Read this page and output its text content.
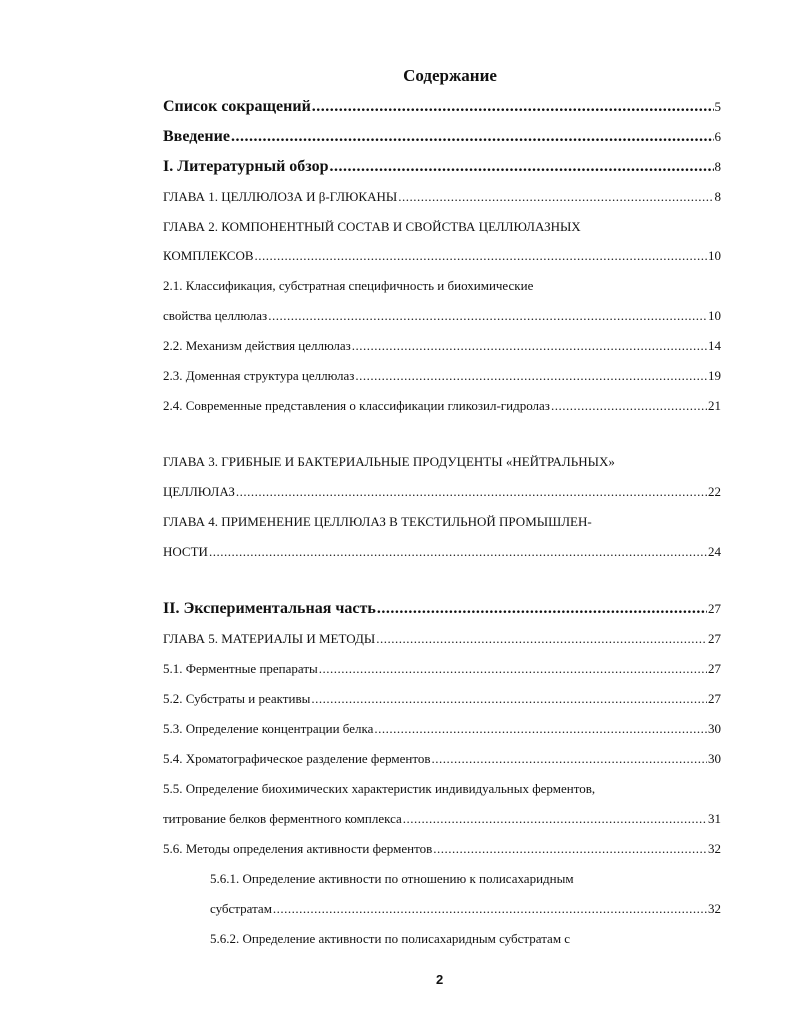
Содержание
Список сокращений .....	5
Введение .....	6
I. Литературный обзор .....	8
ГЛАВА 1. ЦЕЛЛЮЛОЗА И β-ГЛЮКАНЫ .....	8
ГЛАВА 2. КОМПОНЕНТНЫЙ СОСТАВ И СВОЙСТВА ЦЕЛЛЮЛАЗНЫХ
КОМПЛЕКСОВ .....	10
2.1. Классификация, субстратная специфичность и биохимические
свойства целлюлаз .....	10
2.2. Механизм действия целлюлаз .....	14
2.3. Доменная структура целлюлаз .....	19
2.4. Современные представления о классификации гликозил-гидролаз .....	21
ГЛАВА 3. ГРИБНЫЕ И БАКТЕРИАЛЬНЫЕ ПРОДУЦЕНТЫ «НЕЙТРАЛЬНЫХ»
ЦЕЛЛЮЛАЗ .....	22
ГЛАВА 4. ПРИМЕНЕНИЕ ЦЕЛЛЮЛАЗ В ТЕКСТИЛЬНОЙ ПРОМЫШЛЕН-
НОСТИ .....	24
II. Экспериментальная часть .....	27
ГЛАВА 5. МАТЕРИАЛЫ И МЕТОДЫ .....	27
5.1. Ферментные препараты .....	27
5.2. Субстраты и реактивы .....	27
5.3. Определение концентрации белка .....	30
5.4. Хроматографическое разделение ферментов .....	30
5.5. Определение биохимических характеристик индивидуальных ферментов,
титрование белков ферментного комплекса .....	31
5.6. Методы определения активности ферментов .....	32
5.6.1. Определение активности по отношению к полисахаридным
субстратам .....	32
5.6.2. Определение активности по полисахаридным субстратам с
2
